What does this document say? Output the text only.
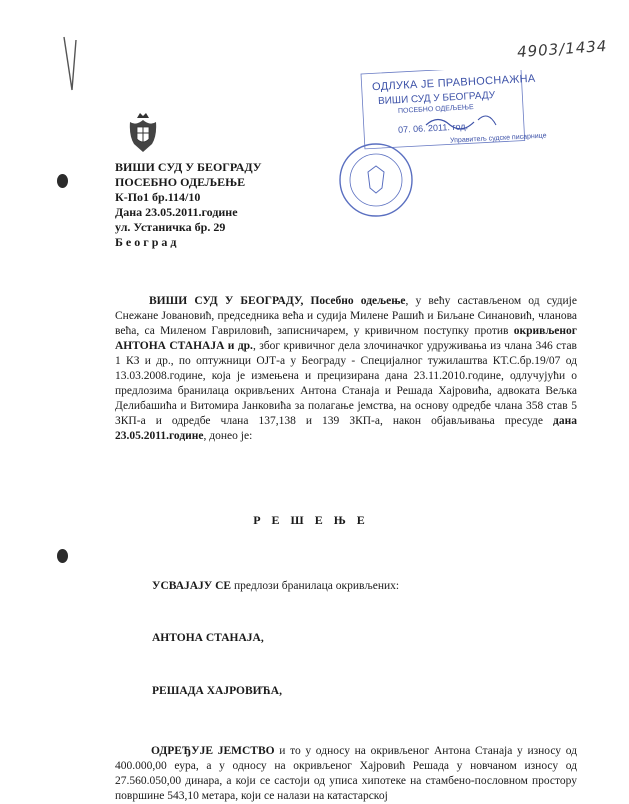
4903/1434
ВИШИ СУД У БЕОГРАДУ
ПОСЕБНО ОДЕЉЕЊЕ
К-По1 бр.114/10
Дана 23.05.2011.године
ул. Устаничка бр. 29
Београд
ОДЛУКА ЈЕ ПРАВНОСНАЖНА
ВИШИ СУД У БЕОГРАДУ
ПОСЕБНО ОДЕЉЕЊЕ
07. 06. 2011. год.
Управитељ судске писарнице
ВИШИ СУД У БЕОГРАДУ, Посебно одељење, у већу састављеном од судије Снежане Јовановић, председника већа и судија Милене Рашић и Биљане Синановић, чланова већа, са Миленом Гавриловић, записничарем, у кривичном поступку против окривљеног АНТОНА СТАНАЈА и др., због кривичног дела злочиначког удруживања из члана 346 став 1 КЗ и др., по оптужници ОЈТ-а у Београду - Специјалног тужилаштва КТ.С.бр.19/07 од 13.03.2008.године, која је измењена и прецизирана дана 23.11.2010.године, одлучујући о предлозима бранилаца окривљених Антона Станаја и Решада Хајровића, адвоката Вељка Делибашића и Витомира Јанковића за полагање јемства, на основу одредбе члана 358 став 5 ЗКП-а и одредбе члана 137,138 и 139 ЗКП-а, након објављивања пресуде дана 23.05.2011.године, донео је:
РЕШЕЊЕ
УСВАЈАЈУ СЕ предлози бранилаца окривљених:
АНТОНА СТАНАЈА,
РЕШАДА ХАЈРОВИЋА,
ОДРЕЂУЈЕ ЈЕМСТВО и то у односу на окривљеног Антона Станаја у износу од 400.000,00 еура, а у односу на окривљеног Хајровић Решада у новчаном износу од 27.560.050,00 динара, а који се састоји од уписа хипотеке на стамбено-пословном простору површине 543,10 метара, који се налази на катастарској
